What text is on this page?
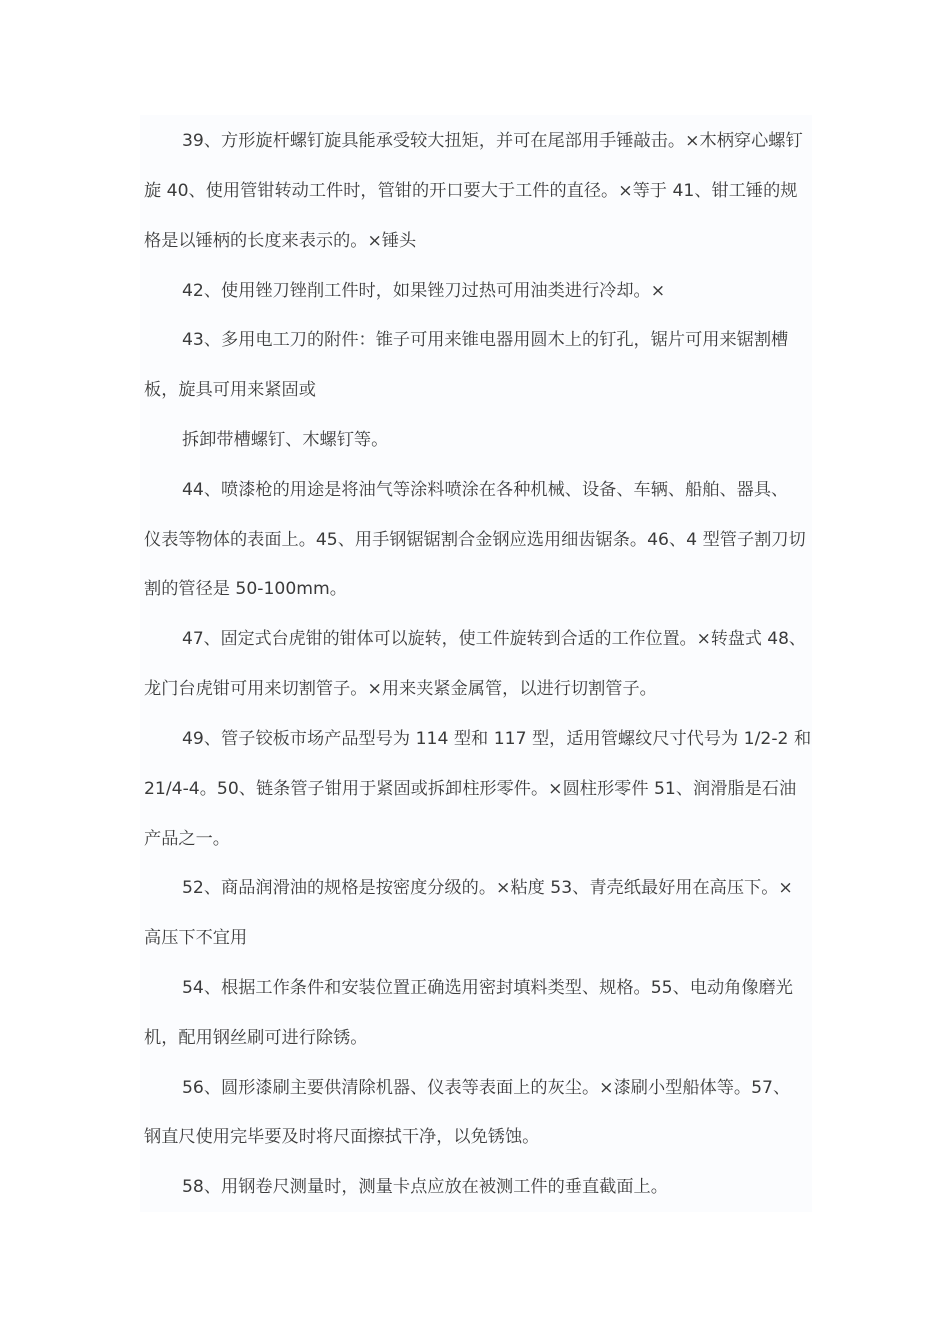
39、方形旋杆螺钉旋具能承受较大扭矩，并可在尾部用手锤敲击。×木柄穿心螺钉
旋 40、使用管钳转动工件时，管钳的开口要大于工件的直径。×等于 41、钳工锤的规
格是以锤柄的长度来表示的。×锤头
42、使用锉刀锉削工件时，如果锉刀过热可用油类进行冷却。×
43、多用电工刀的附件：锥子可用来锥电器用圆木上的钉孔，锯片可用来锯割槽
板，旋具可用来紧固或
拆卸带槽螺钉、木螺钉等。
44、喷漆枪的用途是将油气等涂料喷涂在各种机械、设备、车辆、船舶、器具、
仪表等物体的表面上。45、用手钢锯锯割合金钢应选用细齿锯条。46、4 型管子割刀切
割的管径是 50-100mm。
47、固定式台虎钳的钳体可以旋转，使工件旋转到合适的工作位置。×转盘式 48、
龙门台虎钳可用来切割管子。×用来夹紧金属管，以进行切割管子。
49、管子铰板市场产品型号为 114 型和 117 型，适用管螺纹尺寸代号为 1/2-2 和
21/4-4。50、链条管子钳用于紧固或拆卸柱形零件。×圆柱形零件 51、润滑脂是石油
产品之一。
52、商品润滑油的规格是按密度分级的。×粘度 53、青壳纸最好用在高压下。×
高压下不宜用
54、根据工作条件和安装位置正确选用密封填料类型、规格。55、电动角像磨光
机，配用钢丝刷可进行除锈。
56、圆形漆刷主要供清除机器、仪表等表面上的灰尘。×漆刷小型船体等。57、
钢直尺使用完毕要及时将尺面擦拭干净，以免锈蚀。
58、用钢卷尺测量时，测量卡点应放在被测工件的垂直截面上。
